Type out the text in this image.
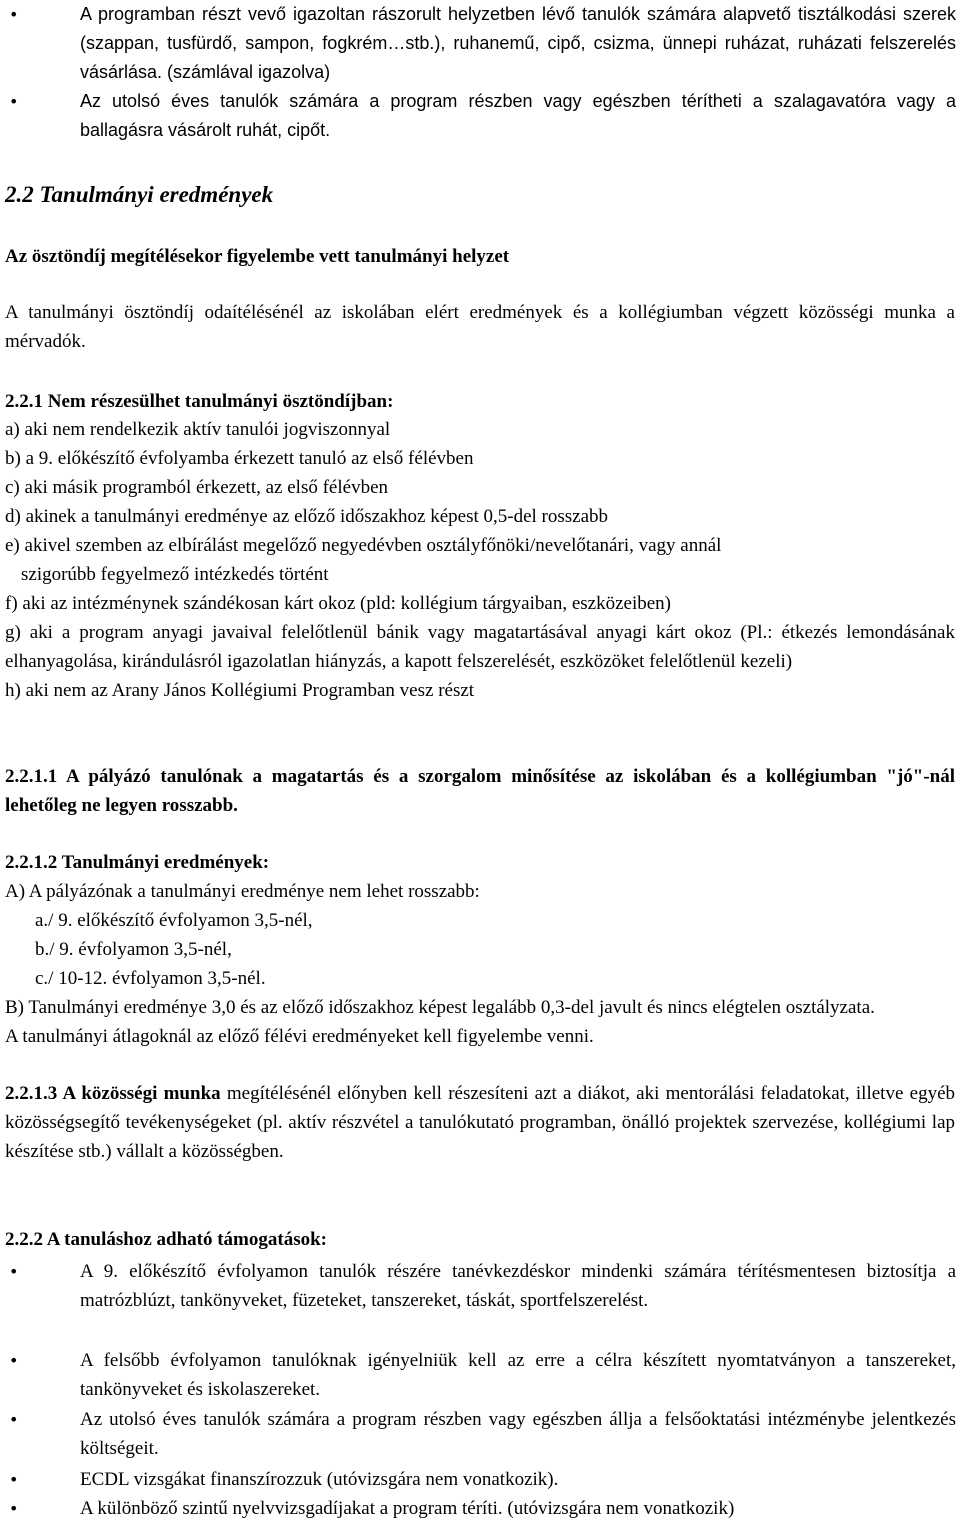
• A programban részt vevő igazoltan rászorult helyzetben lévő tanulók számára alapvető tisztálkodási szerek (szappan, tusfürdő, sampon, fogkrém…stb.), ruhanemű, cipő, csizma, ünnepi ruházat, ruházati felszerelés vásárlása. (számlával igazolva)

• Az utolsó éves tanulók számára a program részben vagy egészben térítheti a szalagavatóra vagy a ballagásra vásárolt ruhát, cipőt.

2.2 Tanulmányi eredmények

Az ösztöndíj megítélésekor figyelembe vett tanulmányi helyzet

A tanulmányi ösztöndíj odaítélésénél az iskolában elért eredmények és a kollégiumban végzett közösségi munka a mérvadók.

2.2.1 Nem részesülhet tanulmányi ösztöndíjban:

a) aki nem rendelkezik aktív tanulói jogviszonnyal
b) a 9. előkészítő évfolyamba érkezett tanuló az első félévben
c) aki másik programból érkezett, az első félévben
d) akinek a tanulmányi eredménye az előző időszakhoz képest 0,5-del rosszabb
e) akivel szemben az elbírálást megelőző negyedévben osztályfőnöki/nevelőtanári, vagy annál
szigorúbb fegyelmező intézkedés történt
f) aki az intézménynek szándékosan kárt okoz (pld: kollégium tárgyaiban, eszközeiben)
g) aki a program anyagi javaival felelőtlenül bánik vagy magatartásával anyagi kárt okoz (Pl.: étkezés lemondásának elhanyagolása, kirándulásról igazolatlan hiányzás, a kapott felszerelését, eszközöket felelőtlenül kezeli)
h) aki nem az Arany János Kollégiumi Programban vesz részt

2.2.1.1 A pályázó tanulónak a magatartás és a szorgalom minősítése az iskolában és a kollégiumban "jó"-nál lehetőleg ne legyen rosszabb.

2.2.1.2 Tanulmányi eredmények:

A) A pályázónak a tanulmányi eredménye nem lehet rosszabb:
a./ 9. előkészítő évfolyamon 3,5-nél,
b./ 9. évfolyamon 3,5-nél,
c./ 10-12. évfolyamon 3,5-nél.
B) Tanulmányi eredménye 3,0 és az előző időszakhoz képest legalább 0,3-del javult és nincs elégtelen osztályzata.
A tanulmányi átlagoknál az előző félévi eredményeket kell figyelembe venni.

2.2.1.3 A közösségi munka megítélésénél előnyben kell részesíteni azt a diákot, aki mentorálási feladatokat, illetve egyéb közösségsegítő tevékenységeket (pl. aktív részvétel a tanulókutató programban, önálló projektek szervezése, kollégiumi lap készítése stb.) vállalt a közösségben.

2.2.2 A tanuláshoz adható támogatások:

• A 9. előkészítő évfolyamon tanulók részére tanévkezdéskor mindenki számára térítésmentesen biztosítja a matrózblúzt, tankönyveket, füzeteket, tanszereket, táskát, sportfelszerelést.

• A felsőbb évfolyamon tanulóknak igényelniük kell az erre a célra készített nyomtatványon a tanszereket, tankönyveket és iskolaszereket.

• Az utolsó éves tanulók számára a program részben vagy egészben állja a felsőoktatási intézménybe jelentkezés költségeit.

• ECDL vizsgákat finanszírozzuk (utóvizsgára nem vonatkozik).

• A különböző szintű nyelvvizsgadíjakat a program téríti. (utóvizsgára nem vonatkozik)
